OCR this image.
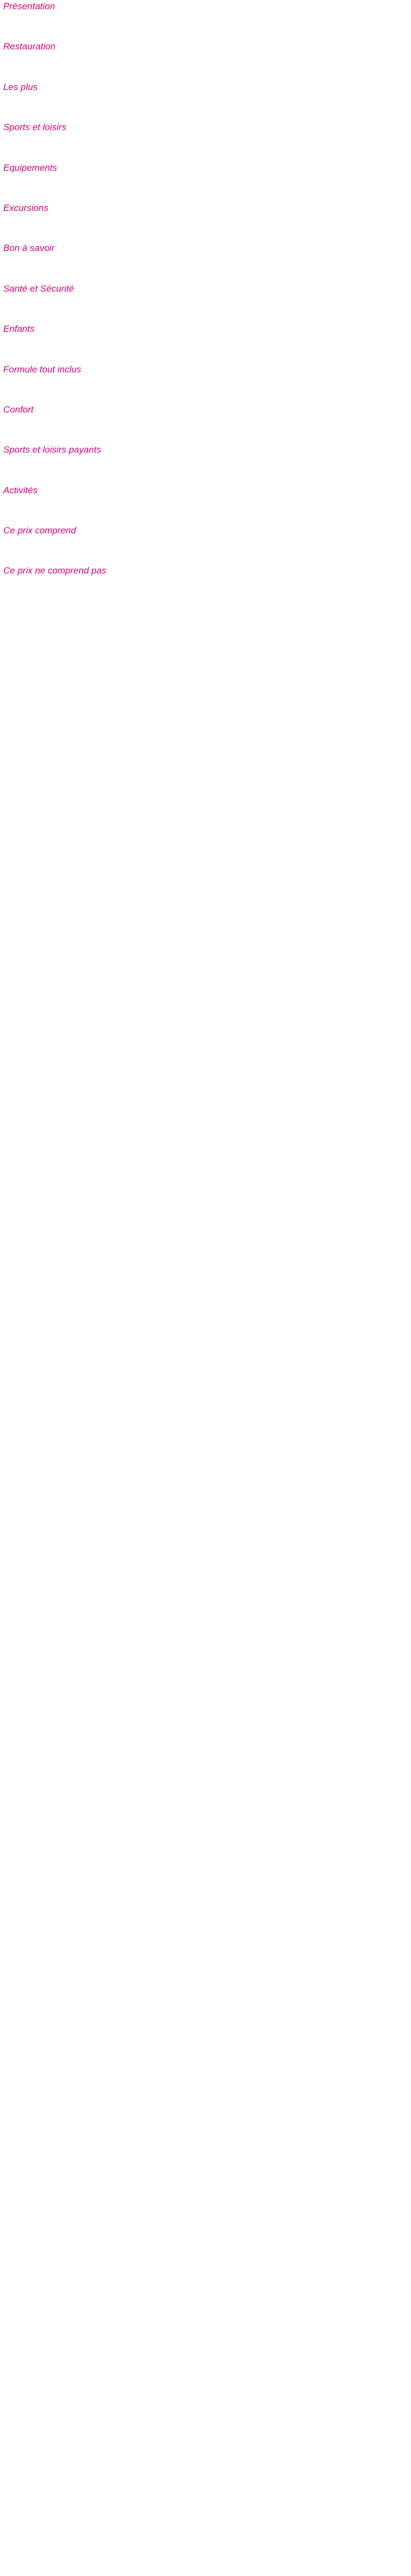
Présentation
Restauration
Les plus
Sports et loisirs
Equipements
Excursions
Bon à savoir
Santé et Sécurité
Enfants
Formule tout inclus
Confort
Sports et loisirs payants
Activités
Ce prix comprend
Ce prix ne comprend pas
